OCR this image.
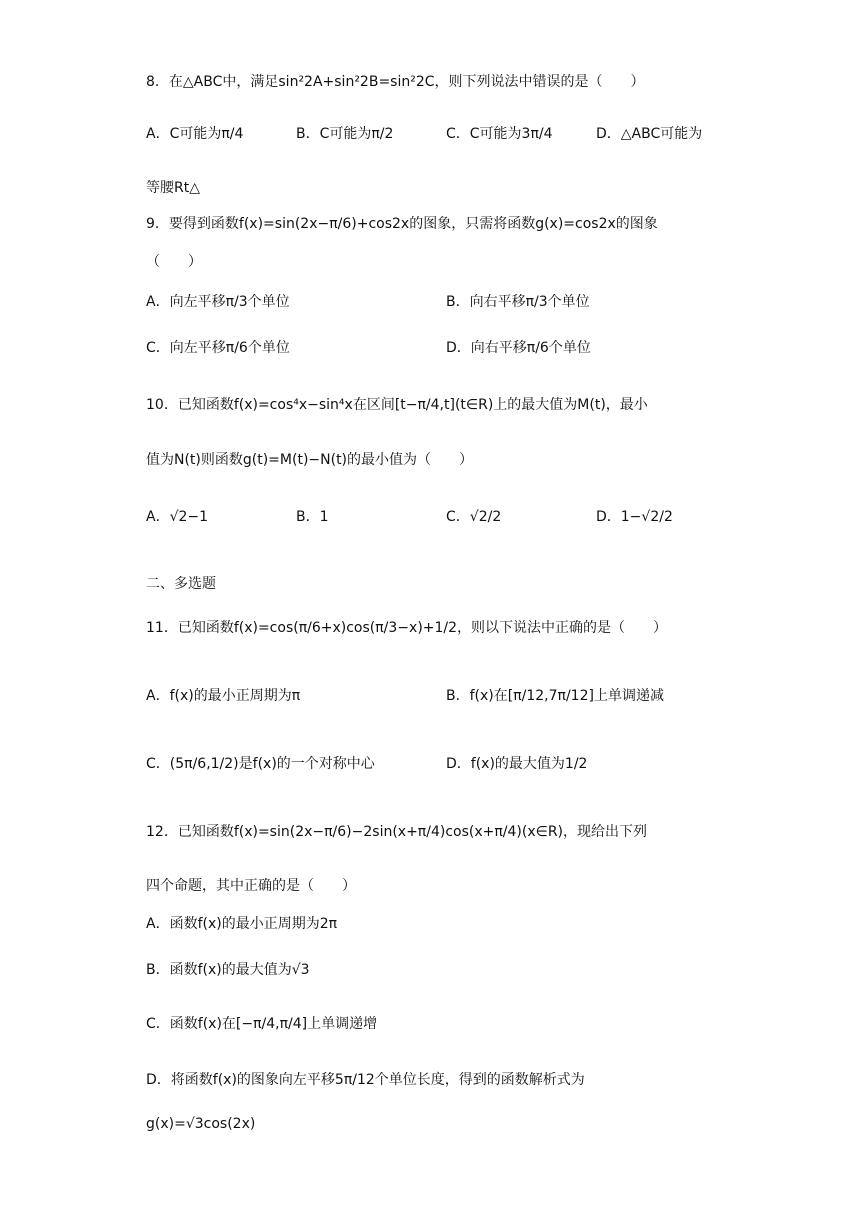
8．在△ABC中，满足sin²2A+sin²2B=sin²2C，则下列说法中错误的是（　　）
A．C可能为π/4	B．C可能为π/2	C．C可能为3π/4	D．△ABC可能为
等腰Rt△
9．要得到函数f(x)=sin(2x−π/6)+cos2x的图象，只需将函数g(x)=cos2x的图象
（　　）
A．向左平移π/3个单位	B．向右平移π/3个单位
C．向左平移π/6个单位	D．向右平移π/6个单位
10．已知函数f(x)=cos⁴x−sin⁴x在区间[t−π/4,t](t∈R)上的最大值为M(t)，最小
值为N(t)则函数g(t)=M(t)−N(t)的最小值为（　　）
A．√2−1	B．1	C．√2/2	D．1−√2/2
二、多选题
11．已知函数f(x)=cos(π/6+x)cos(π/3−x)+1/2，则以下说法中正确的是（　　）
A．f(x)的最小正周期为π	B．f(x)在[π/12,7π/12]上单调递减
C．(5π/6,1/2)是f(x)的一个对称中心	D．f(x)的最大值为1/2
12．已知函数f(x)=sin(2x−π/6)−2sin(x+π/4)cos(x+π/4)(x∈R)，现给出下列
四个命题，其中正确的是（　　）
A．函数f(x)的最小正周期为2π
B．函数f(x)的最大值为√3
C．函数f(x)在[−π/4,π/4]上单调递增
D．将函数f(x)的图象向左平移5π/12个单位长度，得到的函数解析式为
g(x)=√3cos(2x)
